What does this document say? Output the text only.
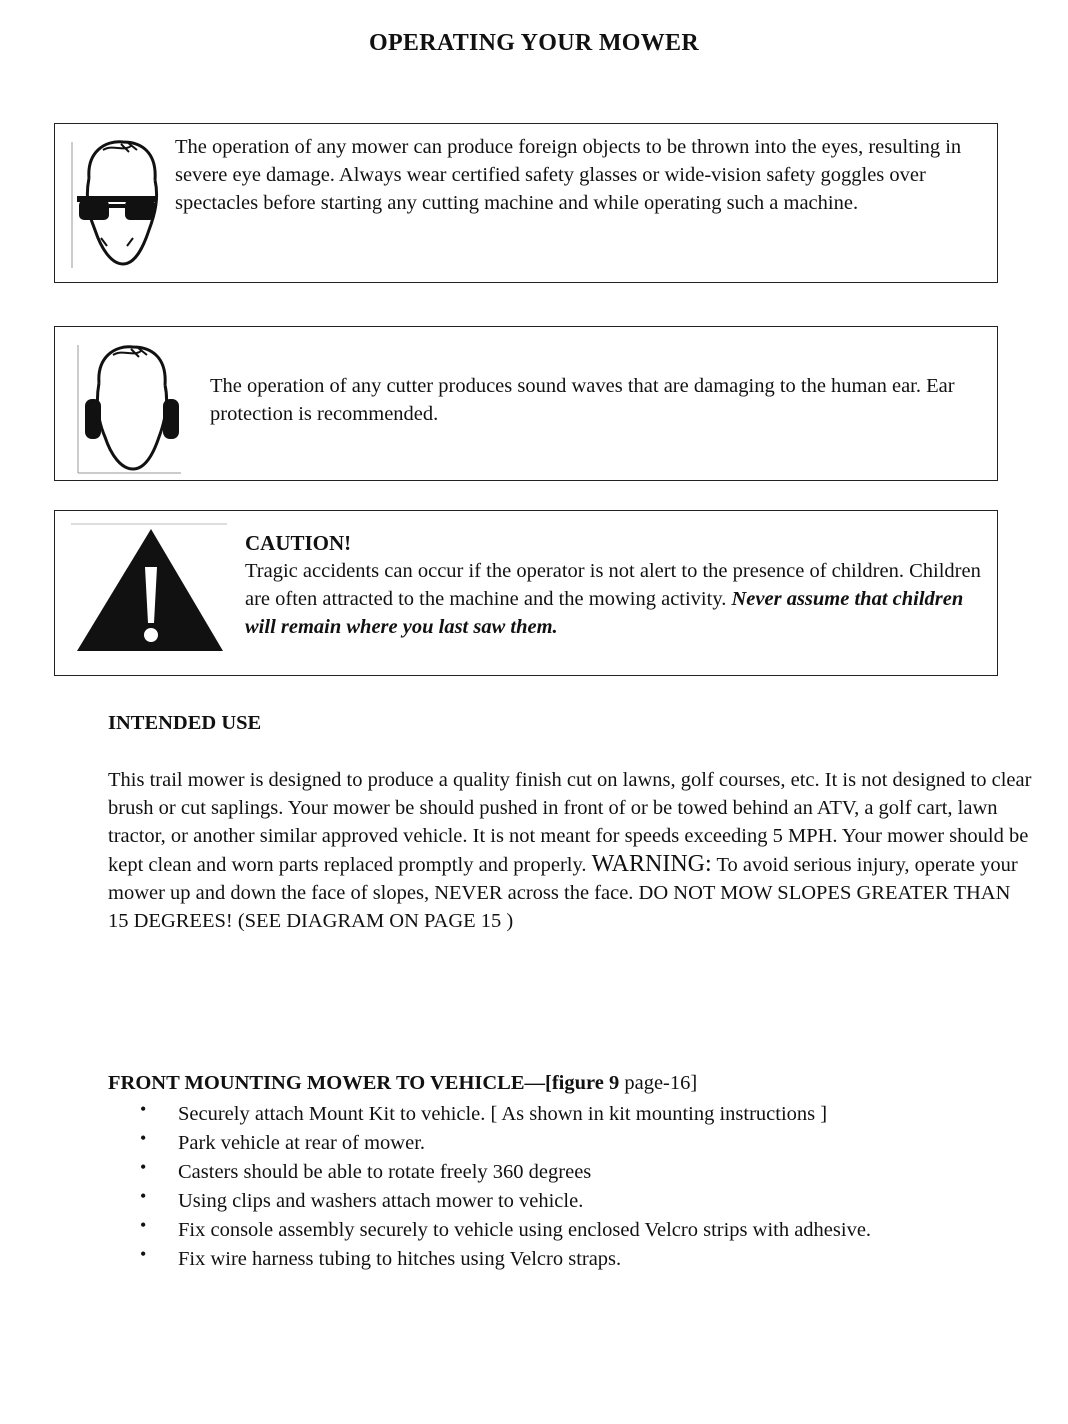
OPERATING YOUR MOWER
The operation of any mower can produce foreign objects to be thrown into the eyes, resulting in severe eye damage. Always wear certified safety glasses or wide-vision safety goggles over spectacles before starting any cutting machine and while operating such a machine.
The operation of any cutter produces sound waves that are damaging to the human ear. Ear protection is recommended.
CAUTION!
Tragic accidents can occur if the operator is not alert to the presence of children. Children are often attracted to the machine and the mowing activity. Never assume that children will remain where you last saw them.
INTENDED USE
This trail mower is designed to produce a quality finish cut on lawns, golf courses, etc. It is not designed to clear brush or cut saplings. Your mower be should pushed in front of or be towed behind an ATV, a golf cart, lawn tractor, or another similar approved vehicle. It is not meant for speeds exceeding 5 MPH. Your mower should be kept clean and worn parts replaced promptly and properly. WARNING: To avoid serious injury, operate your mower up and down the face of slopes, NEVER across the face. DO NOT MOW SLOPES GREATER THAN 15 DEGREES! (SEE DIAGRAM ON PAGE 15 )
FRONT MOUNTING MOWER TO VEHICLE—[figure 9 page-16]
• Securely attach Mount Kit to vehicle. [ As shown in kit mounting instructions ]
• Park vehicle at rear of mower.
• Casters should be able to rotate freely 360 degrees
• Using clips and washers attach mower to vehicle.
• Fix console assembly securely to vehicle using enclosed Velcro strips with adhesive.
• Fix wire harness tubing to hitches using Velcro straps.
